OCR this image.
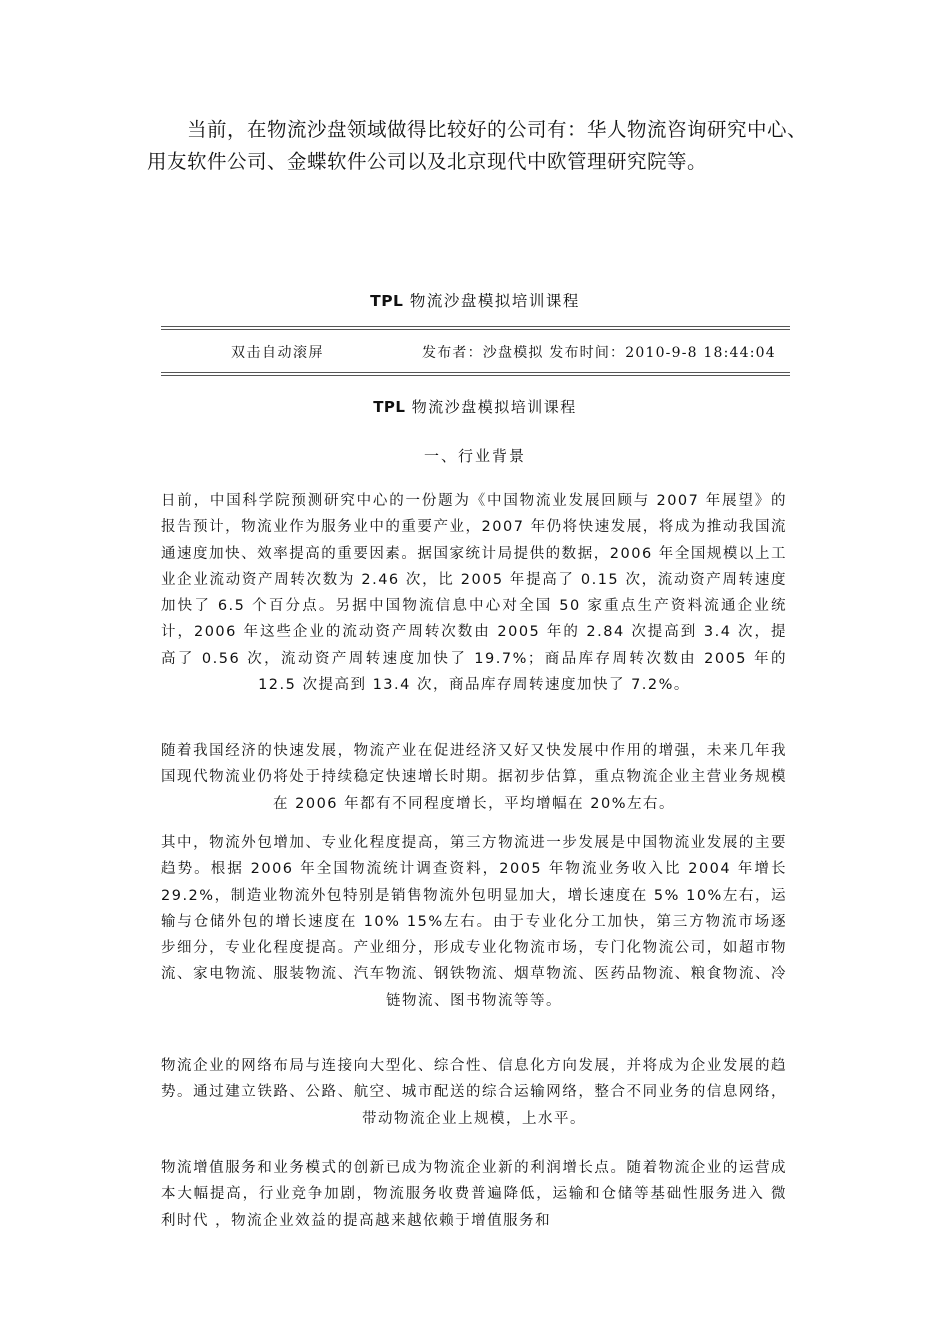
当前，在物流沙盘领域做得比较好的公司有：华人物流咨询研究中心、
用友软件公司、金蝶软件公司以及北京现代中欧管理研究院等。
TPL 物流沙盘模拟培训课程
双击自动滚屏	发布者：沙盘模拟 发布时间：2010-9-8 18:44:04
TPL 物流沙盘模拟培训课程
一、行业背景
日前，中国科学院预测研究中心的一份题为《中国物流业发展回顾与 2007 年展望》的报告预计，物流业作为服务业中的重要产业，2007 年仍将快速发展，将成为推动我国流通速度加快、效率提高的重要因素。据国家统计局提供的数据，2006 年全国规模以上工业企业流动资产周转次数为 2.46 次，比 2005 年提高了 0.15 次，流动资产周转速度加快了 6.5 个百分点。另据中国物流信息中心对全国 50 家重点生产资料流通企业统计，2006 年这些企业的流动资产周转次数由 2005 年的 2.84 次提高到 3.4 次，提高了 0.56 次，流动资产周转速度加快了 19.7%；商品库存周转次数由 2005 年的 12.5 次提高到 13.4 次，商品库存周转速度加快了 7.2%。
随着我国经济的快速发展，物流产业在促进经济又好又快发展中作用的增强，未来几年我国现代物流业仍将处于持续稳定快速增长时期。据初步估算，重点物流企业主营业务规模在 2006 年都有不同程度增长，平均增幅在 20%左右。
其中，物流外包增加、专业化程度提高，第三方物流进一步发展是中国物流业发展的主要趋势。根据 2006 年全国物流统计调查资料，2005 年物流业务收入比 2004 年增长 29.2%，制造业物流外包特别是销售物流外包明显加大，增长速度在 5% 10%左右，运输与仓储外包的增长速度在 10% 15%左右。由于专业化分工加快，第三方物流市场逐步细分，专业化程度提高。产业细分，形成专业化物流市场，专门化物流公司，如超市物流、家电物流、服装物流、汽车物流、钢铁物流、烟草物流、医药品物流、粮食物流、冷链物流、图书物流等等。
物流企业的网络布局与连接向大型化、综合性、信息化方向发展，并将成为企业发展的趋势。通过建立铁路、公路、航空、城市配送的综合运输网络，整合不同业务的信息网络，带动物流企业上规模，上水平。
物流增值服务和业务模式的创新已成为物流企业新的利润增长点。随着物流企业的运营成本大幅提高，行业竞争加剧，物流服务收费普遍降低，运输和仓储等基础性服务进入 微利时代 ，物流企业效益的提高越来越依赖于增值服务和
